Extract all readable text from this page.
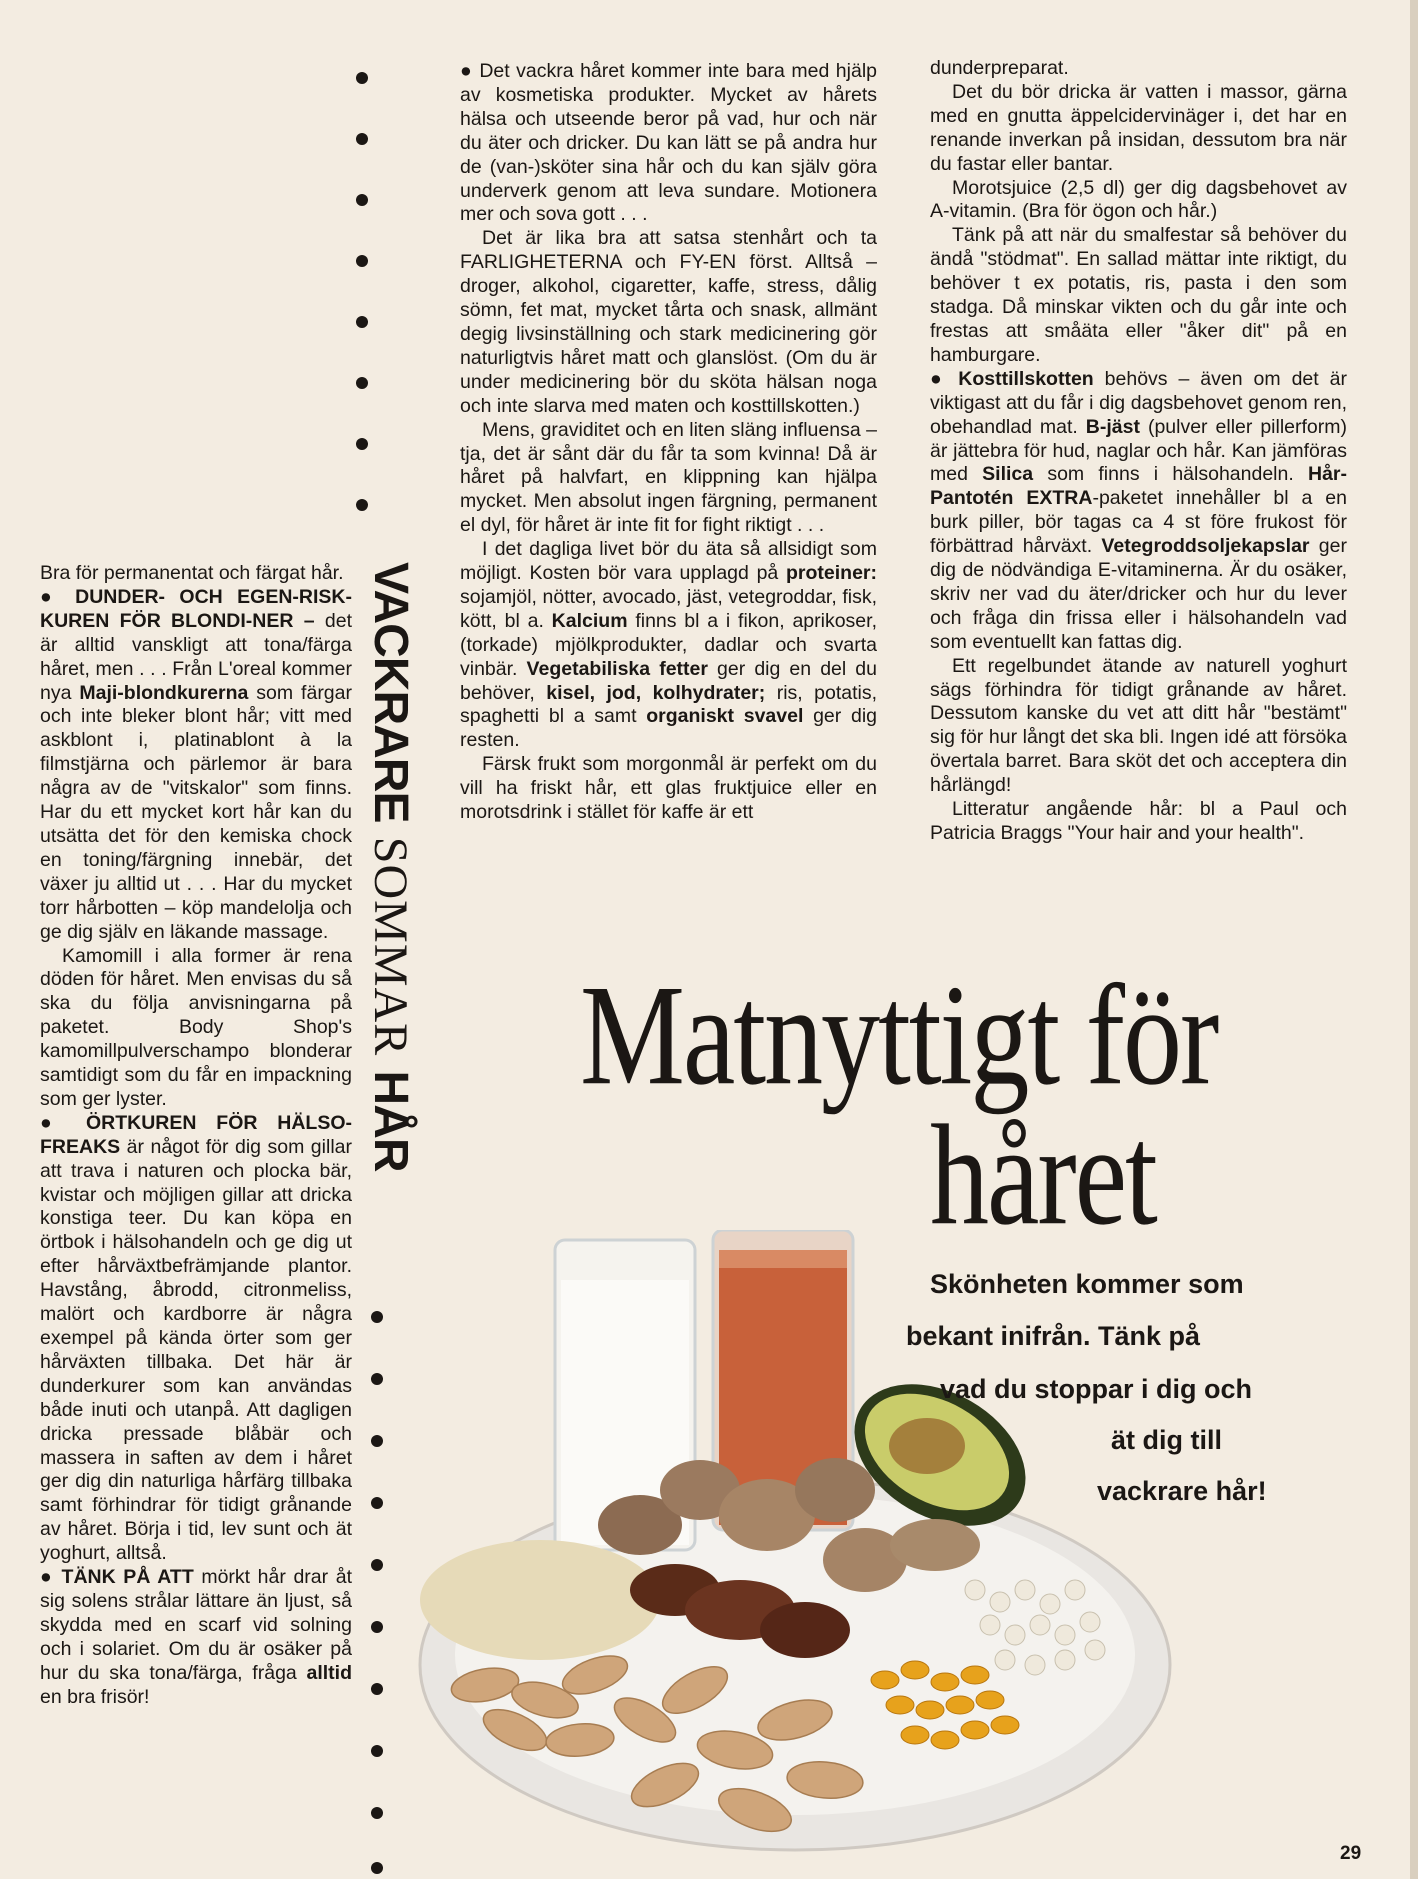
VACKRARE SOMMAR HÅR

Bra för permanentat och färgat hår.

● DUNDER- OCH EGEN-RISK-KUREN FÖR BLONDI-NER – det är alltid vanskligt att tona/färga håret, men . . . Från L'oreal kommer nya Maji-blondkurerna som färgar och inte bleker blont hår; vitt med askblont i, platinablont à la filmstjärna och pärlemor är bara några av de "vitskalor" som finns. Har du ett mycket kort hår kan du utsätta det för den kemiska chock en toning/färgning innebär, det växer ju alltid ut . . . Har du mycket torr hårbotten – köp mandelolja och ge dig själv en läkande massage.

Kamomill i alla former är rena döden för håret. Men envisas du så ska du följa anvisningarna på paketet. Body Shop's kamomillpulverschampo blonderar samtidigt som du får en impackning som ger lyster.

● ÖRTKUREN FÖR HÄLSO-FREAKS är något för dig som gillar att trava i naturen och plocka bär, kvistar och möjligen gillar att dricka konstiga teer. Du kan köpa en örtbok i hälsohandeln och ge dig ut efter hårväxtbefrämjande plantor. Havstång, åbrodd, citronmeliss, malört och kardborre är några exempel på kända örter som ger hårväxten tillbaka. Det här är dunderkurer som kan användas både inuti och utanpå. Att dagligen dricka pressade blåbär och massera in saften av dem i håret ger dig din naturliga hårfärg tillbaka samt förhindrar för tidigt grånande av håret. Börja i tid, lev sunt och ät yoghurt, alltså.

● TÄNK PÅ ATT mörkt hår drar åt sig solens strålar lättare än ljust, så skydda med en scarf vid solning och i solariet. Om du är osäker på hur du ska tona/färga, fråga alltid en bra frisör!

● Det vackra håret kommer inte bara med hjälp av kosmetiska produkter. Mycket av hårets hälsa och utseende beror på vad, hur och när du äter och dricker. Du kan lätt se på andra hur de (van-)sköter sina hår och du kan själv göra underverk genom att leva sundare. Motionera mer och sova gott . . .

Det är lika bra att satsa stenhårt och ta FARLIGHETERNA och FY-EN först. Alltså – droger, alkohol, cigaretter, kaffe, stress, dålig sömn, fet mat, mycket tårta och snask, allmänt degig livsinställning och stark medicinering gör naturligtvis håret matt och glanslöst. (Om du är under medicinering bör du sköta hälsan noga och inte slarva med maten och kosttillskotten.)

Mens, graviditet och en liten släng influensa – tja, det är sånt där du får ta som kvinna! Då är håret på halvfart, en klippning kan hjälpa mycket. Men absolut ingen färgning, permanent el dyl, för håret är inte fit for fight riktigt . . .

I det dagliga livet bör du äta så allsidigt som möjligt. Kosten bör vara upplagd på proteiner: sojamjöl, nötter, avocado, jäst, vetegroddar, fisk, kött, bl a. Kalcium finns bl a i fikon, aprikoser, (torkade) mjölkprodukter, dadlar och svarta vinbär. Vegetabiliska fetter ger dig en del du behöver, kisel, jod, kolhydrater; ris, potatis, spaghetti bl a samt organiskt svavel ger dig resten.

Färsk frukt som morgonmål är perfekt om du vill ha friskt hår, ett glas fruktjuice eller en morotsdrink i stället för kaffe är ett

dunderpreparat.

Det du bör dricka är vatten i massor, gärna med en gnutta äppelcidervinäger i, det har en renande inverkan på insidan, dessutom bra när du fastar eller bantar.

Morotsjuice (2,5 dl) ger dig dagsbehovet av A-vitamin. (Bra för ögon och hår.)

Tänk på att när du smalfestar så behöver du ändå "stödmat". En sallad mättar inte riktigt, du behöver t ex potatis, ris, pasta i den som stadga. Då minskar vikten och du går inte och frestas att småäta eller "åker dit" på en hamburgare.

● Kosttillskotten behövs – även om det är viktigast att du får i dig dagsbehovet genom ren, obehandlad mat. B-jäst (pulver eller pillerform) är jättebra för hud, naglar och hår. Kan jämföras med Silica som finns i hälsohandeln. Hår-Pantotén EXTRA-paketet innehåller bl a en burk piller, bör tagas ca 4 st före frukost för förbättrad hårväxt. Vetegroddsoljekapslar ger dig de nödvändiga E-vitaminerna. Är du osäker, skriv ner vad du äter/dricker och hur du lever och fråga din frissa eller i hälsohandeln vad som eventuellt kan fattas dig.

Ett regelbundet ätande av naturell yoghurt sägs förhindra för tidigt grånande av håret. Dessutom kanske du vet att ditt hår "bestämt" sig för hur långt det ska bli. Ingen idé att försöka övertala barret. Bara sköt det och acceptera din hårlängd!

Litteratur angående hår: bl a Paul och Patricia Braggs "Your hair and your health".

Matnyttigt för
håret
Skönheten kommer som
bekant inifrån. Tänk på
vad du stoppar i dig och
ät dig till
vackrare hår!
29
